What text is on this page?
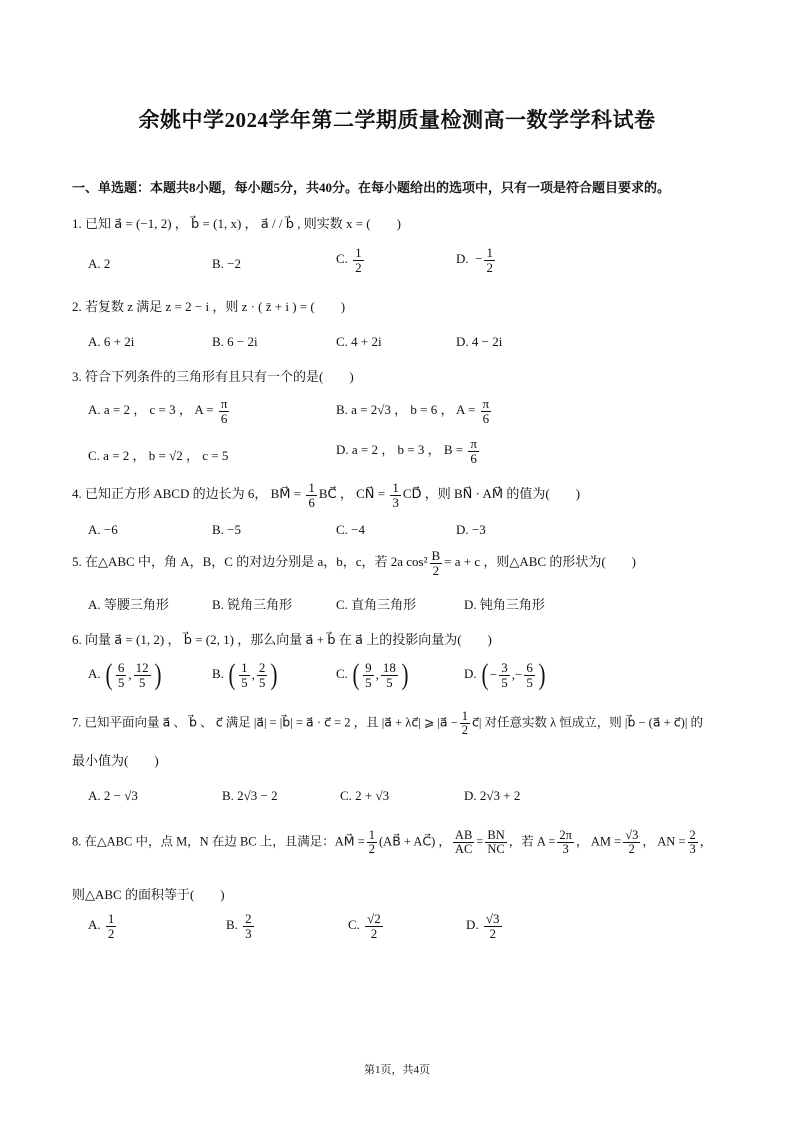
余姚中学2024学年第二学期质量检测高一数学学科试卷
一、单选题：本题共8小题，每小题5分，共40分。在每小题给出的选项中，只有一项是符合题目要求的。
1. 已知 a⃗ = (−1, 2) ， b⃗ = (1, x) ， a⃗ / / b⃗ , 则实数 x = (　　)
A. 2	B. −2	C. $\frac{1}{2}$	D. − $\frac{1}{2}$
2. 若复数 z 满足 z = 2 − i ，则 z · ( z̄ + i ) = (　　)
A. 6 + 2i	B. 6 − 2i	C. 4 + 2i	D. 4 − 2i
3. 符合下列条件的三角形有且只有一个的是(　　)
A. a = 2 ， c = 3 ， $A = \frac{\pi}{6}$	B. a = 2√3 ， b = 6 ， $A = \frac{\pi}{6}$
C. a = 2 ， b = √2 ， c = 5	D. a = 2 ， b = 3 ， $B = \frac{\pi}{6}$
4. 已知正方形 ABCD 的边长为 6， BM⃗ = $\frac{1}{6}$ BC⃗ ， CN⃗ = $\frac{1}{3}$ CD⃗ ，则 BN⃗ · AM⃗ 的值为(　　)
A. −6	B. −5	C. −4	D. −3
5. 在△ABC 中，角 A，B，C 的对边分别是 a，b，c，若 2a $\cos^2 \frac{B}{2} = a + c$ ，则△ABC 的形状为(　　)
A. 等腰三角形	B. 锐角三角形	C. 直角三角形	D. 钝角三角形
6. 向量 a⃗ = (1, 2) ， b⃗ = (2, 1) ，那么向量 a⃗ + b⃗ 在 a⃗ 上的投影向量为(　　)
A. ( $\frac{6}{5}$ , $\frac{12}{5}$ )	B. ( $\frac{1}{5}$ , $\frac{2}{5}$ )	C. ( $\frac{9}{5}$ , $\frac{18}{5}$ )	D. ( − $\frac{3}{5}$ ,− $\frac{6}{5}$ )
7. 已知平面向量 a⃗ 、 b⃗ 、 c⃗ 满足 |a⃗| = |b⃗| = a⃗ · c⃗ = 2 ，且 |a⃗ + λc⃗| ⩾ |a⃗ − $\frac{1}{2}$ c⃗| 对任意实数 λ 恒成立，则 |b⃗ − (a⃗ + c⃗)| 的
最小值为(　　)
A. 2 − √3	B. 2√3 − 2	C. 2 + √3	D. 2√3 + 2
8. 在△ABC 中，点 M，N 在边 BC 上，且满足：AM⃗ = $\frac{1}{2}$ (AB⃗ + AC⃗) ， $\frac{AB}{AC} = \frac{BN}{NC}$ ，若 $A = \frac{2\pi}{3}$ ， AM = $\frac{√3}{2}$ ， AN = $\frac{2}{3}$ ，
则△ABC 的面积等于(　　)
A. $\frac{1}{2}$	B. $\frac{2}{3}$	C. $\frac{√2}{2}$	D. $\frac{√3}{2}$
第1页，共4页
